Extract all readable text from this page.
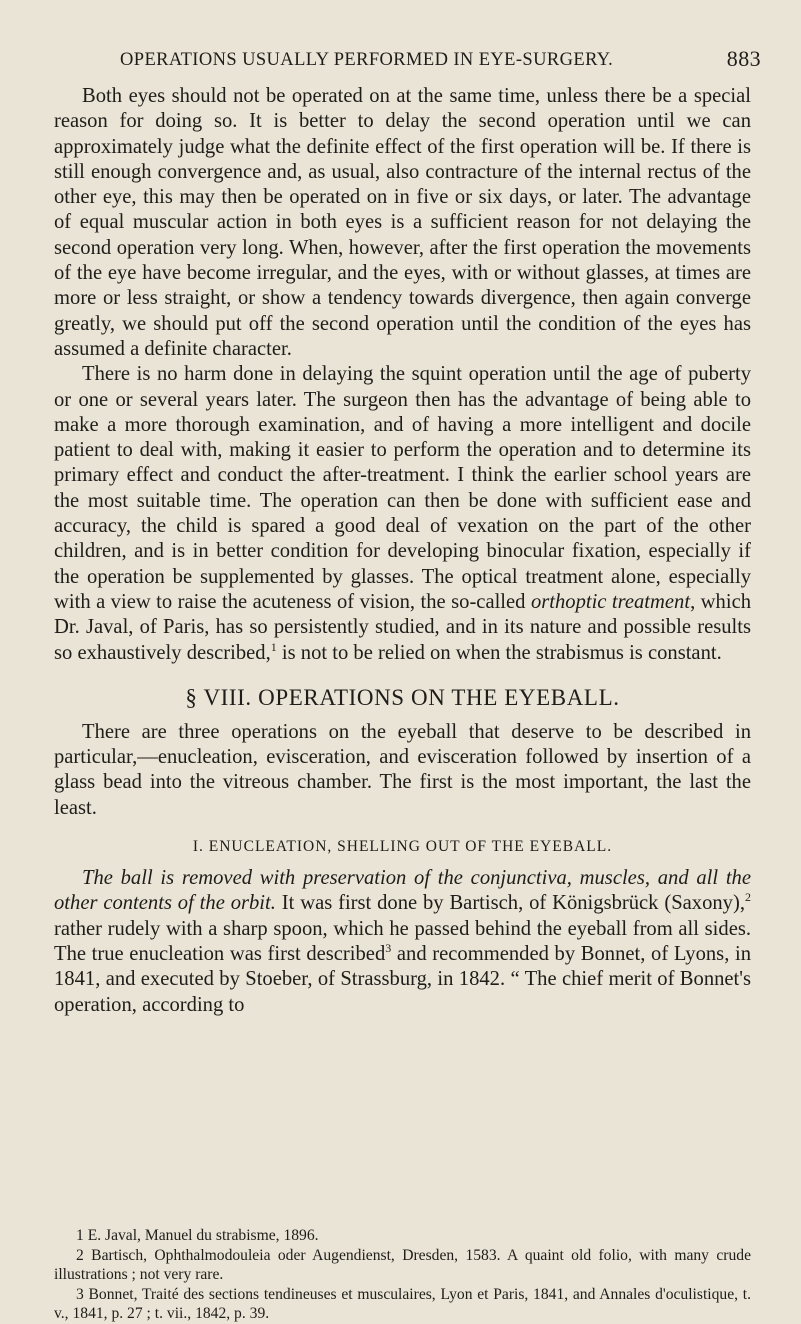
OPERATIONS USUALLY PERFORMED IN EYE-SURGERY.	883

Both eyes should not be operated on at the same time, unless there be a special reason for doing so. It is better to delay the second operation until we can approximately judge what the definite effect of the first operation will be. If there is still enough convergence and, as usual, also contracture of the internal rectus of the other eye, this may then be operated on in five or six days, or later. The advantage of equal muscular action in both eyes is a sufficient reason for not delaying the second operation very long. When, however, after the first operation the movements of the eye have become irregular, and the eyes, with or without glasses, at times are more or less straight, or show a tendency towards divergence, then again converge greatly, we should put off the second operation until the condition of the eyes has assumed a definite character.

There is no harm done in delaying the squint operation until the age of puberty or one or several years later. The surgeon then has the advantage of being able to make a more thorough examination, and of having a more intelligent and docile patient to deal with, making it easier to perform the operation and to determine its primary effect and conduct the after-treatment. I think the earlier school years are the most suitable time. The operation can then be done with sufficient ease and accuracy, the child is spared a good deal of vexation on the part of the other children, and is in better condition for developing binocular fixation, especially if the operation be supplemented by glasses. The optical treatment alone, especially with a view to raise the acuteness of vision, the so-called orthoptic treatment, which Dr. Javal, of Paris, has so persistently studied, and in its nature and possible results so exhaustively described,$^1$ is not to be relied on when the strabismus is constant.

§ VIII. OPERATIONS ON THE EYEBALL.

There are three operations on the eyeball that deserve to be described in particular,—enucleation, evisceration, and evisceration followed by insertion of a glass bead into the vitreous chamber. The first is the most important, the last the least.

I. ENUCLEATION, SHELLING OUT OF THE EYEBALL.

The ball is removed with preservation of the conjunctiva, muscles, and all the other contents of the orbit. It was first done by Bartisch, of Königsbrück (Saxony),$^2$ rather rudely with a sharp spoon, which he passed behind the eyeball from all sides. The true enucleation was first described$^3$ and recommended by Bonnet, of Lyons, in 1841, and executed by Stoeber, of Strassburg, in 1842. “ The chief merit of Bonnet's operation, according to

1 E. Javal, Manuel du strabisme, 1896.

2 Bartisch, Ophthalmodouleia oder Augendienst, Dresden, 1583. A quaint old folio, with many crude illustrations ; not very rare.

3 Bonnet, Traité des sections tendineuses et musculaires, Lyon et Paris, 1841, and Annales d'oculistique, t. v., 1841, p. 27 ; t. vii., 1842, p. 39.
